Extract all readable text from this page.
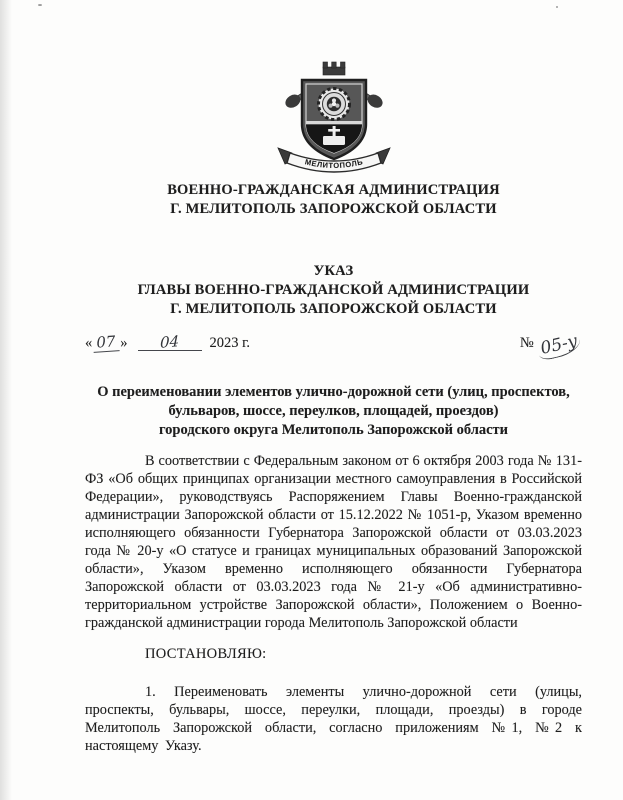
МЕЛИТОПОЛЬ
ВОЕННО-ГРАЖДАНСКАЯ АДМИНИСТРАЦИЯ
Г. МЕЛИТОПОЛЬ ЗАПОРОЖСКОЙ ОБЛАСТИ
УКАЗ
ГЛАВЫ ВОЕННО-ГРАЖДАНСКОЙ АДМИНИСТРАЦИИ
Г. МЕЛИТОПОЛЬ ЗАПОРОЖСКОЙ ОБЛАСТИ
« 07 » 04 2023 г.	№ 05-у
О переименовании элементов улично-дорожной сети (улиц, проспектов,
бульваров, шоссе, переулков, площадей, проездов)
городского округа Мелитополь Запорожской области

В соответствии с Федеральным законом от 6 октября 2003 года № 131-ФЗ «Об общих принципах организации местного самоуправления в Российской Федерации», руководствуясь Распоряжением Главы Военно-гражданской администрации Запорожской области от 15.12.2022 № 1051-р, Указом временно исполняющего обязанности Губернатора Запорожской области от 03.03.2023 года № 20-у «О статусе и границах муниципальных образований Запорожской области», Указом временно исполняющего обязанности Губернатора Запорожской области от 03.03.2023 года № 21-у «Об административно-территориальном устройстве Запорожской области», Положением о Военно-гражданской администрации города Мелитополь Запорожской области

ПОСТАНОВЛЯЮ:

1. Переименовать элементы улично-дорожной сети (улицы, проспекты, бульвары, шоссе, переулки, площади, проезды) в городе Мелитополь Запорожской области, согласно приложениям №1, №2 к настоящему Указу.
